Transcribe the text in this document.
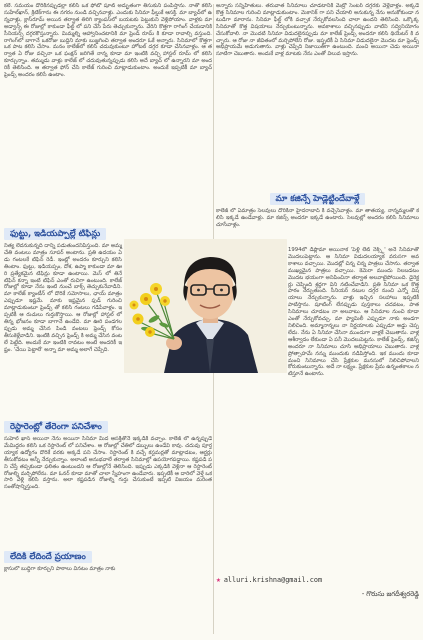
కలే. సమయం దొరికినప్పుడల్లా కలిసి ఒక ఫోటో షూట్ అద్భుతంగా తీసుకుని పంపిస్తాను. నాతో కలిసి సుహేల్‌ఖాన్, క్రిటిక్‌గాను ఈ నగరం నుండి వచ్చినవాళ్లు. ఎందుకు సినిమా ఫీల్డుకే ఆసక్తి. మా బ్యాచ్‌లో ఉన్నవాళ్లు, క్లాస్‌రూమ్ అయిన తర్వాత తిరిగి క్యాంపస్‌లో బయటకు పెట్టుకుని వెళ్లిపోయాం. వాళ్లకు మా అడ్వాన్స్ ఈ రోజుల్లో కాకుండా ఫీల్డ్ లో పని చేసే పేరు తెచ్చుకున్నాను. వేరిని కొత్తగా రాగింగ్ చేయడానికి సీనియర్స్ దగ్గరకొస్తున్నారు. మిమ్మల్ని ఆహ్వానించటానికి మా ఫ్రెండ్ రూమ్ కి కూడా రావాల్సి వస్తుంది. రాగింగ్‌లో బాగానే ఒకరోజు బుద్దిని మాకు బుజ్జగించి తర్వాత అందరూ ఓకే అన్నారు. సినిమాలో కొత్తగా ఒక పాట కలిసి చేసాం. మనం కాలేజ్‌లో కలిసి చదువుకుంటూ హోటల్ దగ్గర కూడా చేసినవాళ్లం. ఆ తర్వాత ఏ రోజు వచ్చినా ఒక ఫంక్షన్ జరిగితే నాన్న కూడా మా ఇంటికి వచ్చి హాస్టల్ రూమ్ లో కలిసి కూర్చున్నాం. తమ్ముడు వాళ్లు కాలేజ్ లో చదువుతున్నప్పుడు కలిసి అదే బ్యాచ్ లో ఉన్నారని మా అందరికీ తెలిసింది. ఆ తర్వాత ఫోన్ చేసి కాలేజ్ గురించి మాట్లాడుకుంటాం. అందుకే ఇప్పటికీ మా బ్యాచ్ ఫ్రెండ్స్ అందరం కలిసే ఉంటాం.
ఫుట్టు, ఇడియప్పాల్లే టిఫిన్లు
నిత్య లేదనుకున్నది దాన్ని పడుతుందనిపిస్తుంది. మా అమ్మ చేతి వంటలు మాత్రం సూపర్ అంటాను. ప్రతి ఉదయం ఏడు గంటలకే టిఫిన్ రెడీ. ఇంట్లో అందరం కూర్చుని కలిసి తింటాం. ఫుట్టు, ఇడియప్పం, దోశ, ఉప్మా కాకుండా మా ఊరి ప్రత్యేకమైన టిఫిన్లు కూడా ఉంటాయి. మెస్ లో తినే టిఫిన్ కన్నా ఇంటి టిఫిన్ ఎంతో రుచిగా ఉంటుంది. కాలేజ్ రోజుల్లో కూడా నేను ఇంటి నుంచే బాక్స్ తెచ్చుకునేవాడిని. మా కాలేజ్ క్యాంటీన్ లో దొరికే సమోసాలు, ఛాయ్ మాత్రం ఎప్పుడూ ఇష్టమే. మాకు ఇష్టమైన ఫుడ్ గురించి మాట్లాడుకుంటూ ఫ్రెండ్స్ తో కలిసి గంటలు గడిపేవాళ్లం. ఇప్పటికీ ఆ రుచులు గుర్తుకొస్తాయి. ఆ రోజుల్లో హాస్టల్ లో తిన్న భోజనం కూడా బాగానే ఉండేది. మా ఊరి పండగలప్పుడు అమ్మ చేసిన పిండి వంటలు ఫ్రెండ్స్ కోసం తీసుకెళ్లేవాడిని. ఇంటికి వచ్చిన ఫ్రెండ్స్ కి అమ్మ చేసిన వంటలే పెట్టేది. అందుకే మా ఇంటికి రావటం అంటే అందరికీ ఇష్టం. 'చేయి పెట్టాలే' అన్నా మా అమ్మ అలాగే చెప్పేది.
రెస్టారెంట్లో తేరెంగా పనిచేశాం
సుహెల్ ఖాన్ అయినా నేను అయినా సినిమా మీద ఆసక్తితోనే ఇక్కడికి వచ్చాం. కాలేజ్ లో ఉన్నప్పుడే మేమిద్దరం కలిసి ఒక రెస్టారెంట్ లో పనిచేశాం. ఆ రోజుల్లో చేతిలో డబ్బులు ఉండేవి కావు. చదువు పూర్తయ్యాక ఉద్యోగం దొరికే వరకు అక్కడే పని చేసాం. రెస్టారెంట్ కి వచ్చే కస్టమర్లతో మాట్లాడటం, ఆర్డర్లు తీసుకోవటం అన్నీ నేర్చుకున్నాం. అలాంటి అనుభవాలే తర్వాత సినిమాల్లో ఉపయోగపడ్డాయి. కష్టపడి పని చేస్తే తప్పకుండా ఫలితం ఉంటుందని ఆ రోజుల్లోనే తెలిసింది. ఇప్పుడు ఎక్కడికి వెళ్లినా ఆ రెస్టారెంట్ రోజుల్ని మర్చిపోలేను. మా ఓనర్ కూడా మాతో చాలా స్నేహంగా ఉండేవారు. ఇప్పటికీ ఆ దారిలో వెళ్తే ఒకసారి వెళ్లి కలిసి వస్తాను. అలా కష్టపడిన రోజుల్ని గుర్తు చేసుకుంటే ఇప్పటి విజయం మరింత సంతోషాన్నిస్తుంది.
లేదికి లేదిందే ప్రయాణం
క్లాసులో బుద్ధిగా కూర్చుని పాఠాలు వినటం మాత్రం నాకు
అన్నారు సన్నిహితులు. తరువాత సినిమాలు చూడటానికి మెట్రో సెంటర్ దగ్గరకు వెళ్లేవాళ్లం. అక్కడే కొత్త సినిమాల గురించి మాట్లాడుకుంటాం. మెకానిక్ గా పని చేయాలి అనుకున్న నేను అనుకోకుండా నటుడిగా మారాను. సినిమా ఫీల్డ్ లోకి వచ్చాక నేర్చుకోవలసింది చాలా ఉందని తెలిసింది. ఒక్కొక్క సినిమాతో కొత్త విషయాలు నేర్చుకుంటున్నాను. అవకాశాలు వచ్చినప్పుడు వాటిని సద్వినియోగం చేసుకోవాలి. నా మొదటి సినిమా విడుదలైనప్పుడు మా కాలేజ్ ఫ్రెండ్స్ అందరూ కలిసి థియేటర్ కి వచ్చారు. ఆ రోజు నా జీవితంలో మర్చిపోలేని రోజు. ఇప్పటికీ ఏ సినిమా విడుదలైనా మొదట మా ఫ్రెండ్స్ అభిప్రాయమే అడుగుతాను. వాళ్లు చెప్పేది నిజాయితీగా ఉంటుంది. మంచి అయినా చెడు అయినా సూటిగా చెబుతారు. అందుకే వాళ్ల మాటకు నేను ఎంతో విలువ ఇస్తాను.
మా కజిన్సే హెడ్లెట్టిందేవాళ్లే
కాలేజ్ లో ఏమాత్రం సెలవులు దొరికినా హైదరాబాద్ కి వచ్చేసేవాళ్లం. మా తాతయ్య, నాన్నమ్మలతో కలిసి ఇక్కడే ఉండేవాళ్లు. మా కజిన్స్ అందరూ ఇక్కడే ఉంటారు. సెలవుల్లో అందరం కలిసి సినిమాలు చూసేవాళ్లం.
1994లో డిప్లొమా అయినాక 'పెళ్లి లేట్ నెక్స్ట్' అనే సినిమాతో మొదలుపెట్టాను. ఆ సినిమా విడుదలయ్యాక వరుసగా అవకాశాలు వచ్చాయి. మొదట్లో చిన్న చిన్న పాత్రలు చేసాను. తర్వాత ముఖ్యమైన పాత్రలు వచ్చాయి. కెమెరా ముందు నిలబడటం మొదట భయంగా అనిపించినా తర్వాత అలవాటైపోయింది. డైరెక్టర్లు చెప్పింది శ్రద్ధగా విని నటించేవాడిని. ప్రతి సినిమా ఒక కొత్త పాఠం నేర్పుతుంది. సీనియర్ నటుల దగ్గర నుంచి ఎన్నో విషయాలు నేర్చుకున్నాను. వాళ్లు ఇచ్చిన సలహాలు ఇప్పటికీ పాటిస్తాను. షూటింగ్ లేనప్పుడు పుస్తకాలు చదవటం, పాత సినిమాలు చూడటం నా అలవాటు. ఆ సినిమాల నుంచి కూడా ఎంతో నేర్చుకోవచ్చు. మా ఫ్యామిలీ ఎప్పుడూ నాకు అండగా నిలిచింది. అమ్మానాన్నలు నా నిర్ణయాలకు ఎప్పుడూ అడ్డు చెప్పలేదు. నేను ఏ సినిమా చేసినా ముందుగా వాళ్లకే చెబుతాను. వాళ్ల ఆశీర్వాదం లేకుండా ఏ పనీ మొదలుపెట్టను. కాలేజ్ ఫ్రెండ్స్, కజిన్స్ అందరూ నా సినిమాలు చూసి అభిప్రాయాలు చెబుతారు. వాళ్ల ప్రోత్సాహమే నన్ను ముందుకు నడిపిస్తోంది. ఇక ముందు కూడా మంచి సినిమాలు చేసి ప్రేక్షకుల మనసులో నిలిచిపోవాలని కోరుకుంటున్నాను. అదే నా లక్ష్యం. ప్రేక్షకుల ప్రేమ ఉన్నంతకాలం నటిస్తూనే ఉంటాను.
★ alluri.krishna@gmail.com
- గొరుసు జగదీశ్వరరెడ్డి
